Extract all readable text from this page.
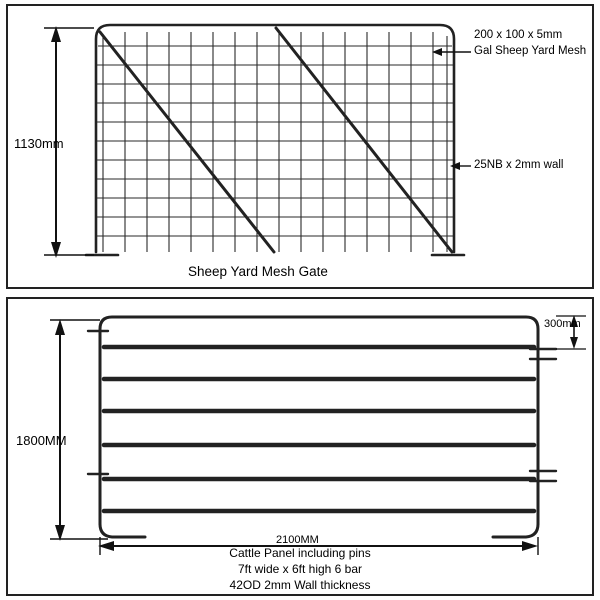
1130mm
200 x 100 x 5mm
Gal Sheep Yard Mesh
25NB x 2mm wall
Sheep Yard Mesh Gate
1800MM
300mm
2100MM
Cattle Panel including pins
7ft wide x 6ft high 6 bar
42OD 2mm Wall thickness
